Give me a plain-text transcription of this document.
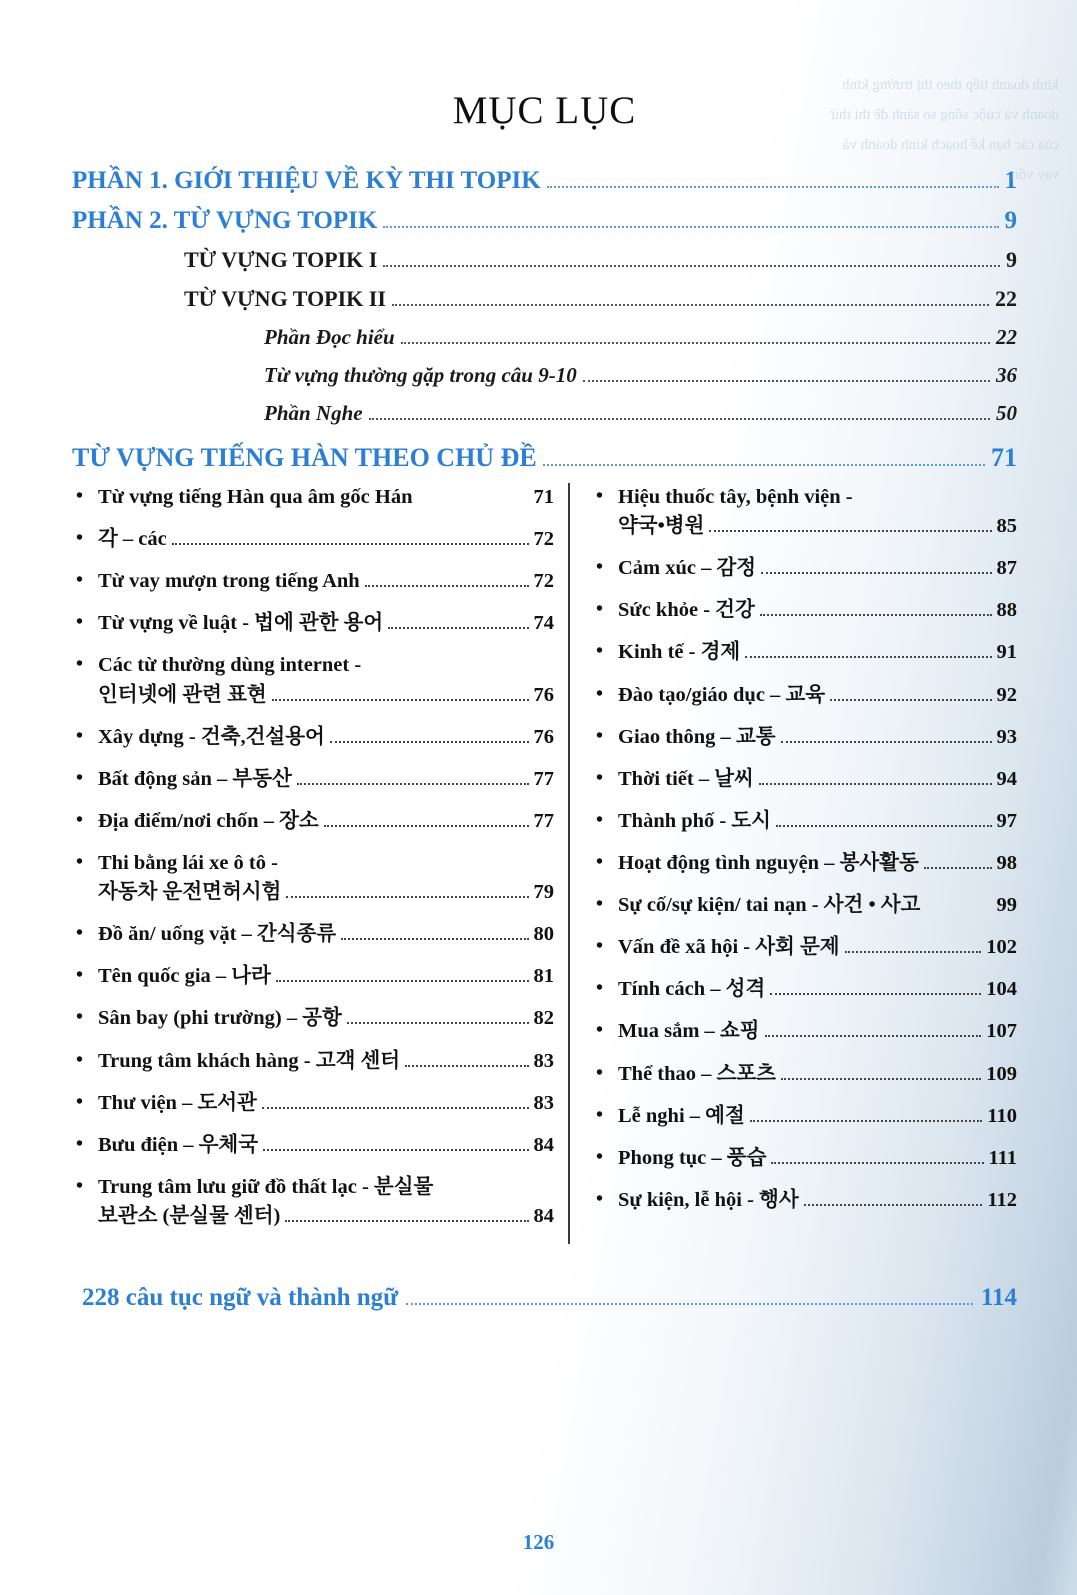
kinh doanh tiếp theo thị trường kinh doanh và cuộc sống so sánh đề thi thử của các bạn kế hoạch kinh doanh và vay vốn
MỤC LỤC
PHẦN 1. GIỚI THIỆU VỀ KỲ THI TOPIK	1
PHẦN 2. TỪ VỰNG TOPIK	9
TỪ VỰNG TOPIK I	9
TỪ VỰNG TOPIK II	22
Phần Đọc hiểu	22
Từ vựng thường gặp trong câu 9-10	36
Phần Nghe	50
TỪ VỰNG TIẾNG HÀN THEO CHỦ ĐỀ	71
• Từ vựng tiếng Hàn qua âm gốc Hán	71
• 각 – các	72
• Từ vay mượn trong tiếng Anh	72
• Từ vựng về luật - 법에 관한 용어	74
• Các từ thường dùng internet -
인터넷에 관련 표현	76
• Xây dựng - 건축,건설용어	76
• Bất động sản – 부동산	77
• Địa điểm/nơi chốn – 장소	77
• Thi bằng lái xe ô tô -
자동차 운전면허시험	79
• Đồ ăn/ uống vặt – 간식종류	80
• Tên quốc gia – 나라	81
• Sân bay (phi trường) – 공항	82
• Trung tâm khách hàng - 고객 센터	83
• Thư viện – 도서관	83
• Bưu điện – 우체국	84
• Trung tâm lưu giữ đồ thất lạc - 분실물
보관소 (분실물 센터)	84
• Hiệu thuốc tây, bệnh viện -
약국•병원	85
• Cảm xúc – 감정	87
• Sức khỏe - 건강	88
• Kinh tế - 경제	91
• Đào tạo/giáo dục – 교육	92
• Giao thông – 교통	93
• Thời tiết – 날씨	94
• Thành phố - 도시	97
• Hoạt động tình nguyện – 봉사활동	98
• Sự cố/sự kiện/ tai nạn - 사건 • 사고	99
• Vấn đề xã hội - 사회 문제	102
• Tính cách – 성격	104
• Mua sắm – 쇼핑	107
• Thể thao – 스포츠	109
• Lễ nghi – 예절	110
• Phong tục – 풍습	111
• Sự kiện, lễ hội - 행사	112
228 câu tục ngữ và thành ngữ	114
126
